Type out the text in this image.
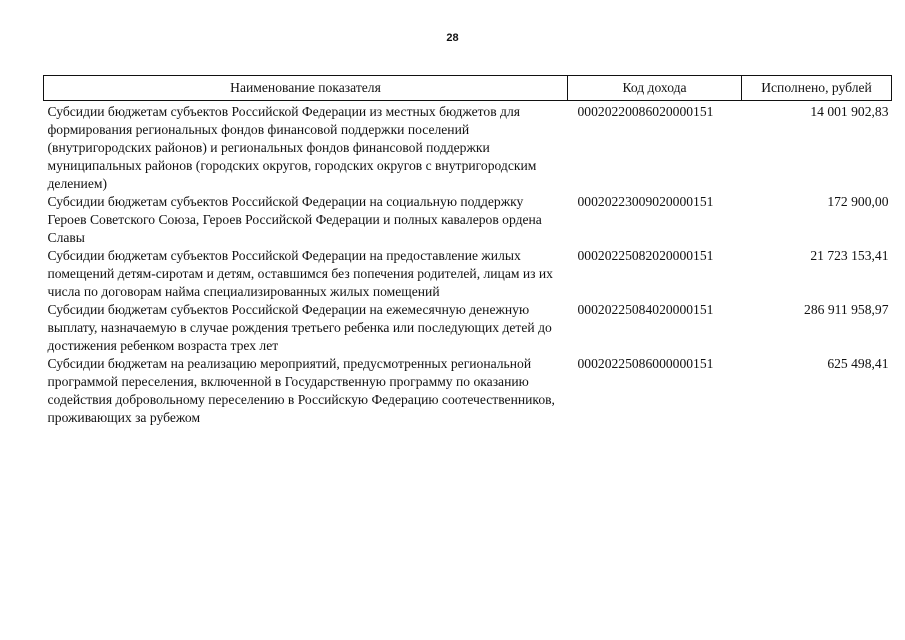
28
Наименование показателя	Код дохода	Исполнено, рублей
Субсидии бюджетам субъектов Российской Федерации из местных бюджетов для формирования региональных фондов финансовой поддержки поселений (внутригородских районов) и региональных фондов финансовой поддержки муниципальных районов (городских округов, городских округов с внутригородским делением)	00020220086020000151	14 001 902,83
Субсидии бюджетам субъектов Российской Федерации на социальную поддержку Героев Советского Союза, Героев Российской Федерации и полных кавалеров ордена Славы	00020223009020000151	172 900,00
Субсидии бюджетам субъектов Российской Федерации на предоставление жилых помещений детям-сиротам и детям, оставшимся без попечения родителей, лицам из их числа по договорам найма специализированных жилых помещений	00020225082020000151	21 723 153,41
Субсидии бюджетам субъектов Российской Федерации на ежемесячную денежную выплату, назначаемую в случае рождения третьего ребенка или последующих детей до достижения ребенком возраста трех лет	00020225084020000151	286 911 958,97
Субсидии бюджетам на реализацию мероприятий, предусмотренных региональной программой переселения, включенной в Государственную программу по оказанию содействия добровольному переселению в Российскую Федерацию соотечественников, проживающих за рубежом	00020225086000000151	625 498,41
